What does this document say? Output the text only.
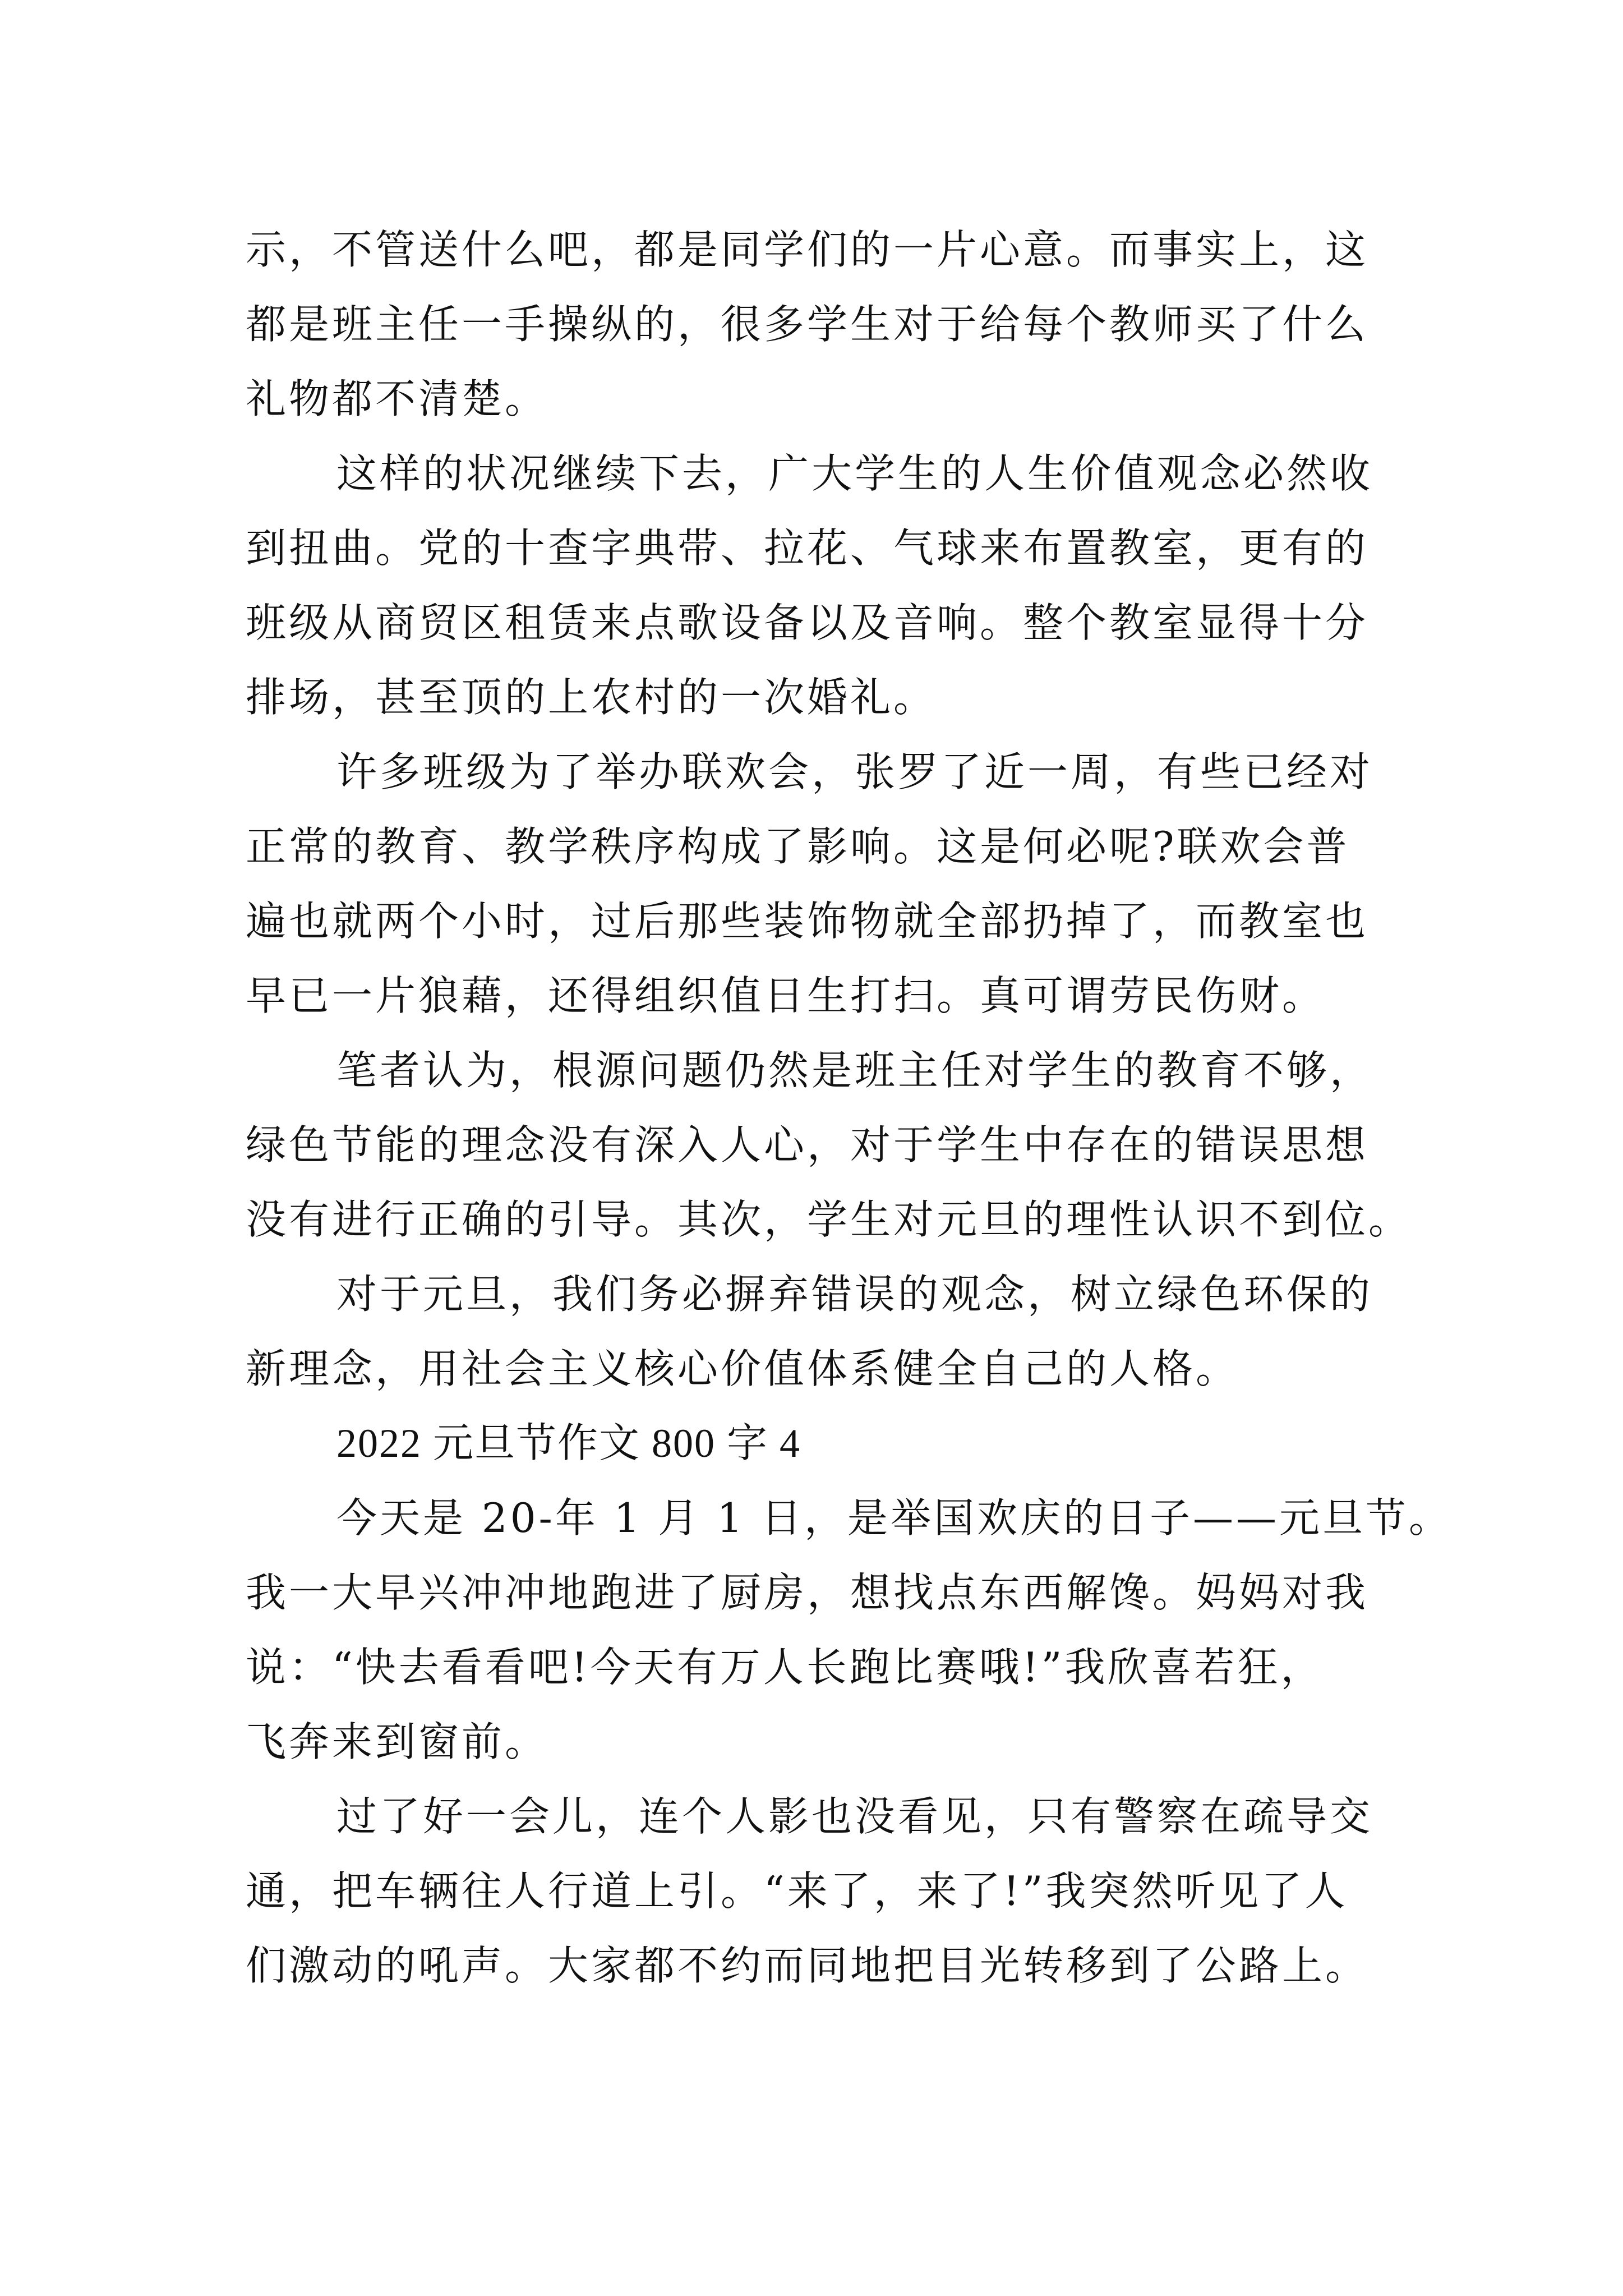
示，不管送什么吧，都是同学们的一片心意。而事实上，这
都是班主任一手操纵的，很多学生对于给每个教师买了什么
礼物都不清楚。
这样的状况继续下去，广大学生的人生价值观念必然收
到扭曲。党的十查字典带、拉花、气球来布置教室，更有的
班级从商贸区租赁来点歌设备以及音响。整个教室显得十分
排场，甚至顶的上农村的一次婚礼。
许多班级为了举办联欢会，张罗了近一周，有些已经对
正常的教育、教学秩序构成了影响。这是何必呢?联欢会普
遍也就两个小时，过后那些装饰物就全部扔掉了，而教室也
早已一片狼藉，还得组织值日生打扫。真可谓劳民伤财。
笔者认为，根源问题仍然是班主任对学生的教育不够，
绿色节能的理念没有深入人心，对于学生中存在的错误思想
没有进行正确的引导。其次，学生对元旦的理性认识不到位。
对于元旦，我们务必摒弃错误的观念，树立绿色环保的
新理念，用社会主义核心价值体系健全自己的人格。
2022 元旦节作文 800 字 4
今天是 20-年 1 月 1 日，是举国欢庆的日子——元旦节。
我一大早兴冲冲地跑进了厨房，想找点东西解馋。妈妈对我
说：“快去看看吧!今天有万人长跑比赛哦!”我欣喜若狂，
飞奔来到窗前。
过了好一会儿，连个人影也没看见，只有警察在疏导交
通，把车辆往人行道上引。“来了，来了!”我突然听见了人
们激动的吼声。大家都不约而同地把目光转移到了公路上。
